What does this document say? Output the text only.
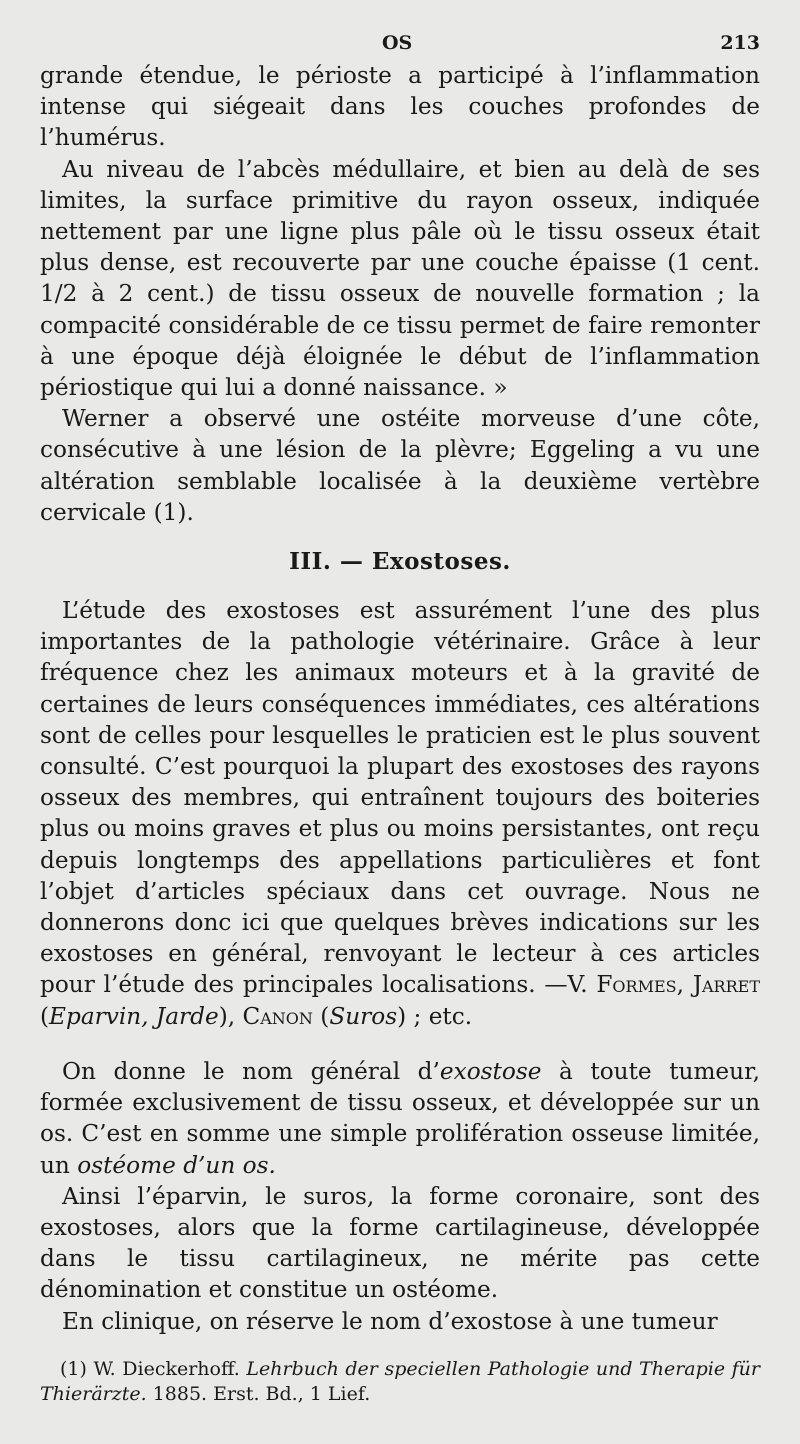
OS	213

grande étendue, le périoste a participé à l’inflammation intense qui siégeait dans les couches profondes de l’humérus.

Au niveau de l’abcès médullaire, et bien au delà de ses limites, la surface primitive du rayon osseux, indiquée nettement par une ligne plus pâle où le tissu osseux était plus dense, est recouverte par une couche épaisse (1 cent. 1/2 à 2 cent.) de tissu osseux de nouvelle formation ; la compacité considérable de ce tissu permet de faire remonter à une époque déjà éloignée le début de l’inflammation périostique qui lui a donné naissance. »

Werner a observé une ostéite morveuse d’une côte, consécutive à une lésion de la plèvre; Eggeling a vu une altération semblable localisée à la deuxième vertèbre cervicale (1).

III. — Exostoses.

L’étude des exostoses est assurément l’une des plus importantes de la pathologie vétérinaire. Grâce à leur fréquence chez les animaux moteurs et à la gravité de certaines de leurs conséquences immédiates, ces altérations sont de celles pour lesquelles le praticien est le plus souvent consulté. C’est pourquoi la plupart des exostoses des rayons osseux des membres, qui entraînent toujours des boiteries plus ou moins graves et plus ou moins persistantes, ont reçu depuis longtemps des appellations particulières et font l’objet d’articles spéciaux dans cet ouvrage. Nous ne donnerons donc ici que quelques brèves indications sur les exostoses en général, renvoyant le lecteur à ces articles pour l’étude des principales localisations. —V. Formes, Jarret (Eparvin, Jarde), Canon (Suros) ; etc.

On donne le nom général d’exostose à toute tumeur, formée exclusivement de tissu osseux, et développée sur un os. C’est en somme une simple prolifération osseuse limitée, un ostéome d’un os.

Ainsi l’éparvin, le suros, la forme coronaire, sont des exostoses, alors que la forme cartilagineuse, développée dans le tissu cartilagineux, ne mérite pas cette dénomination et constitue un ostéome.

En clinique, on réserve le nom d’exostose à une tumeur

(1) W. Dieckerhoff. Lehrbuch der speciellen Pathologie und Therapie für Thierärzte. 1885. Erst. Bd., 1 Lief.
